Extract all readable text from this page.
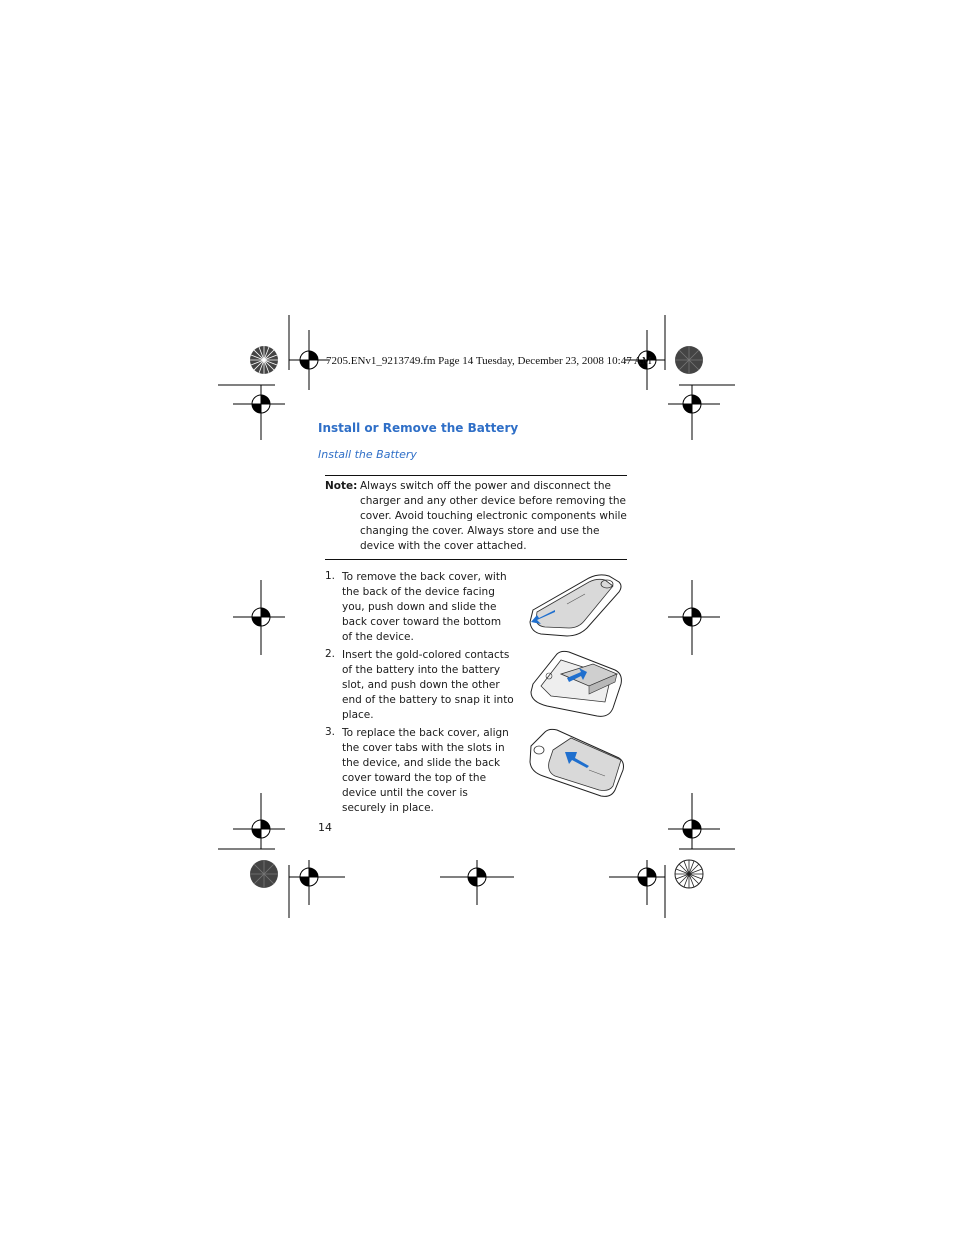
7205.ENv1_9213749.fm Page 14 Tuesday, December 23, 2008 10:47 AM
Install or Remove the Battery
Install the Battery
Note: Always switch off the power and disconnect the charger and any other device before removing the cover. Avoid touching electronic components while changing the cover. Always store and use the device with the cover attached.
1. To remove the back cover, with the back of the device facing you, push down and slide the back cover toward the bottom of the device.
2. Insert the gold-colored contacts of the battery into the battery slot, and push down the other end of the battery to snap it into place.
3. To replace the back cover, align the cover tabs with the slots in the device, and slide the back cover toward the top of the device until the cover is securely in place.
14
